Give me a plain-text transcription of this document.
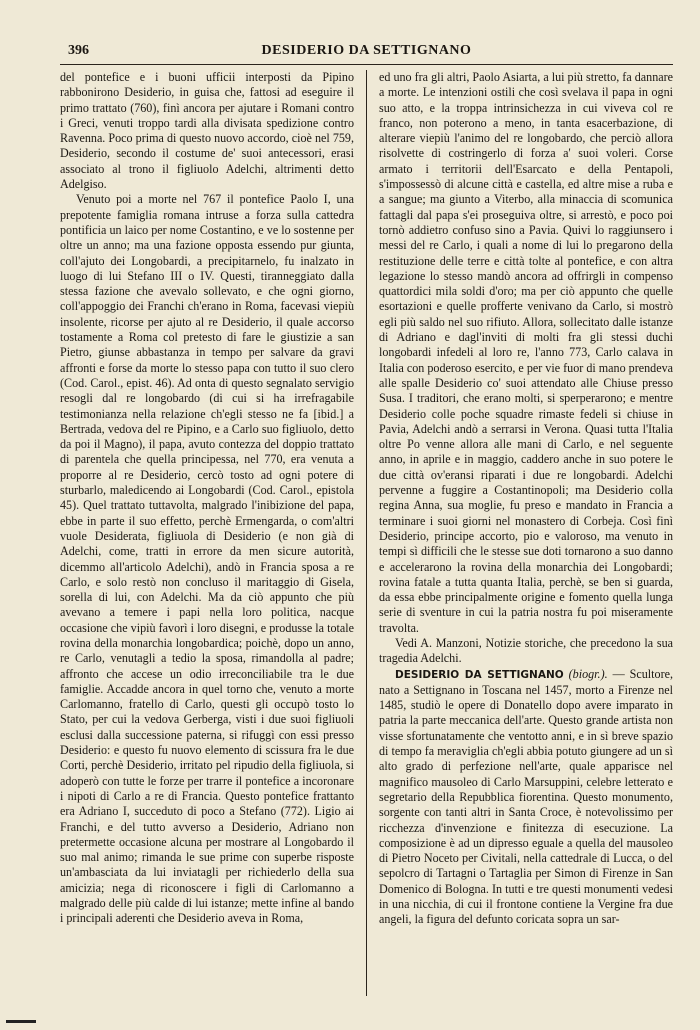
396	DESIDERIO DA SETTIGNANO

del pontefice e i buoni ufficii interposti da Pipino rabbonirono Desiderio, in guisa che, fattosi ad eseguire il primo trattato (760), finì ancora per ajutare i Romani contro i Greci, venuti troppo tardi alla divisata spedizione contro Ravenna. Poco prima di questo nuovo accordo, cioè nel 759, Desiderio, secondo il costume de' suoi antecessori, erasi associato al trono il figliuolo Adelchi, altrimenti detto Adelgiso.

Venuto poi a morte nel 767 il pontefice Paolo I, una prepotente famiglia romana intruse a forza sulla cattedra pontificia un laico per nome Costantino, e ve lo sostenne per oltre un anno; ma una fazione opposta essendo pur giunta, coll'ajuto dei Longobardi, a precipitarnelo, fu inalzato in luogo di lui Stefano III o IV. Questi, tiranneggiato dalla stessa fazione che avevalo sollevato, e che ogni giorno, coll'appoggio dei Franchi ch'erano in Roma, facevasi viepiù insolente, ricorse per ajuto al re Desiderio, il quale accorso tostamente a Roma col pretesto di fare le giustizie a san Pietro, giunse abbastanza in tempo per salvare da gravi affronti e forse da morte lo stesso papa con tutto il suo clero (Cod. Carol., epist. 46). Ad onta di questo segnalato servigio resogli dal re longobardo (di cui si ha irrefragabile testimonianza nella relazione ch'egli stesso ne fa [ibid.] a Bertrada, vedova del re Pipino, e a Carlo suo figliuolo, detto da poi il Magno), il papa, avuto contezza del doppio trattato di parentela che quella principessa, nel 770, era venuta a proporre al re Desiderio, cercò tosto ad ogni potere di sturbarlo, maledicendo ai Longobardi (Cod. Carol., epistola 45). Quel trattato tuttavolta, malgrado l'inibizione del papa, ebbe in parte il suo effetto, perchè Ermengarda, o com'altri vuole Desiderata, figliuola di Desiderio (e non già di Adelchi, come, tratti in errore da men sicure autorità, dicemmo all'articolo Adelchi), andò in Francia sposa a re Carlo, e solo restò non concluso il maritaggio di Gisela, sorella di lui, con Adelchi. Ma da ciò appunto che più avevano a temere i papi nella loro politica, nacque occasione che vipiù favorì i loro disegni, e produsse la totale rovina della monarchia longobardica; poichè, dopo un anno, re Carlo, venutagli a tedio la sposa, rimandolla al padre; affronto che accese un odio irreconciliabile tra le due famiglie. Accadde ancora in quel torno che, venuto a morte Carlomanno, fratello di Carlo, questi gli occupò tosto lo Stato, per cui la vedova Gerberga, visti i due suoi figliuoli esclusi dalla successione paterna, si rifuggì con essi presso Desiderio: e questo fu nuovo elemento di scissura fra le due Corti, perchè Desiderio, irritato pel ripudio della figliuola, si adoperò con tutte le forze per trarre il pontefice a incoronare i nipoti di Carlo a re di Francia. Questo pontefice frattanto era Adriano I, succeduto di poco a Stefano (772). Ligio ai Franchi, e del tutto avverso a Desiderio, Adriano non pretermette occasione alcuna per mostrare al Longobardo il suo mal animo; rimanda le sue prime con superbe risposte un'ambasciata da lui inviatagli per richiederlo della sua amicizia; nega di riconoscere i figli di Carlomanno a malgrado delle più calde di lui istanze; mette infine al bando i principali aderenti che Desiderio aveva in Roma,

ed uno fra gli altri, Paolo Asiarta, a lui più stretto, fa dannare a morte. Le intenzioni ostili che così svelava il papa in ogni suo atto, e la troppa intrinsichezza in cui viveva col re franco, non poterono a meno, in tanta esacerbazione, di alterare viepiù l'animo del re longobardo, che perciò allora risolvette di costringerlo di forza a' suoi voleri. Corse armato i territorii dell'Esarcato e della Pentapoli, s'impossessò di alcune città e castella, ed altre mise a ruba e a sangue; ma giunto a Viterbo, alla minaccia di scomunica fattagli dal papa s'ei proseguiva oltre, si arrestò, e poco poi tornò addietro confuso sino a Pavia. Quivi lo raggiunsero i messi del re Carlo, i quali a nome di lui lo pregarono della restituzione delle terre e città tolte al pontefice, e con altra legazione lo stesso mandò ancora ad offrirgli in compenso quattordici mila soldi d'oro; ma per ciò appunto che quelle esortazioni e quelle profferte venivano da Carlo, si mostrò egli più saldo nel suo rifiuto. Allora, sollecitato dalle istanze di Adriano e dagl'inviti di molti fra gli stessi duchi longobardi infedeli al loro re, l'anno 773, Carlo calava in Italia con poderoso esercito, e per vie fuor di mano prendeva alle spalle Desiderio co' suoi attendato alle Chiuse presso Susa. I traditori, che erano molti, si sperperarono; e mentre Desiderio colle poche squadre rimaste fedeli si chiuse in Pavia, Adelchi andò a serrarsi in Verona. Quasi tutta l'Italia oltre Po venne allora alle mani di Carlo, e nel seguente anno, in aprile e in maggio, caddero anche in suo potere le due città ov'eransi riparati i due re longobardi. Adelchi pervenne a fuggire a Costantinopoli; ma Desiderio colla regina Anna, sua moglie, fu preso e mandato in Francia a terminare i suoi giorni nel monastero di Corbeja. Così finì Desiderio, principe accorto, pio e valoroso, ma venuto in tempi sì difficili che le stesse sue doti tornarono a suo danno e accelerarono la rovina della monarchia dei Longobardi; rovina fatale a tutta quanta Italia, perchè, se ben si guarda, da essa ebbe principalmente origine e fomento quella lunga serie di sventure in cui la patria nostra fu poi miseramente travolta.

Vedi A. Manzoni, Notizie storiche, che precedono la sua tragedia Adelchi.

DESIDERIO DA SETTIGNANO (biogr.). — Scultore, nato a Settignano in Toscana nel 1457, morto a Firenze nel 1485, studiò le opere di Donatello dopo avere imparato in patria la parte meccanica dell'arte. Questo grande artista non visse sfortunatamente che ventotto anni, e in sì breve spazio di tempo fa meraviglia ch'egli abbia potuto giungere ad un sì alto grado di perfezione nell'arte, quale apparisce nel magnifico mausoleo di Carlo Marsuppini, celebre letterato e segretario della Repubblica fiorentina. Questo monumento, sorgente con tanti altri in Santa Croce, è notevolissimo per ricchezza d'invenzione e finitezza di esecuzione. La composizione è ad un dipresso eguale a quella del mausoleo di Pietro Noceto per Civitali, nella cattedrale di Lucca, o del sepolcro di Tartagni o Tartaglia per Simon di Firenze in San Domenico di Bologna. In tutti e tre questi monumenti vedesi in una nicchia, di cui il frontone contiene la Vergine fra due angeli, la figura del defunto coricata sopra un sar-
